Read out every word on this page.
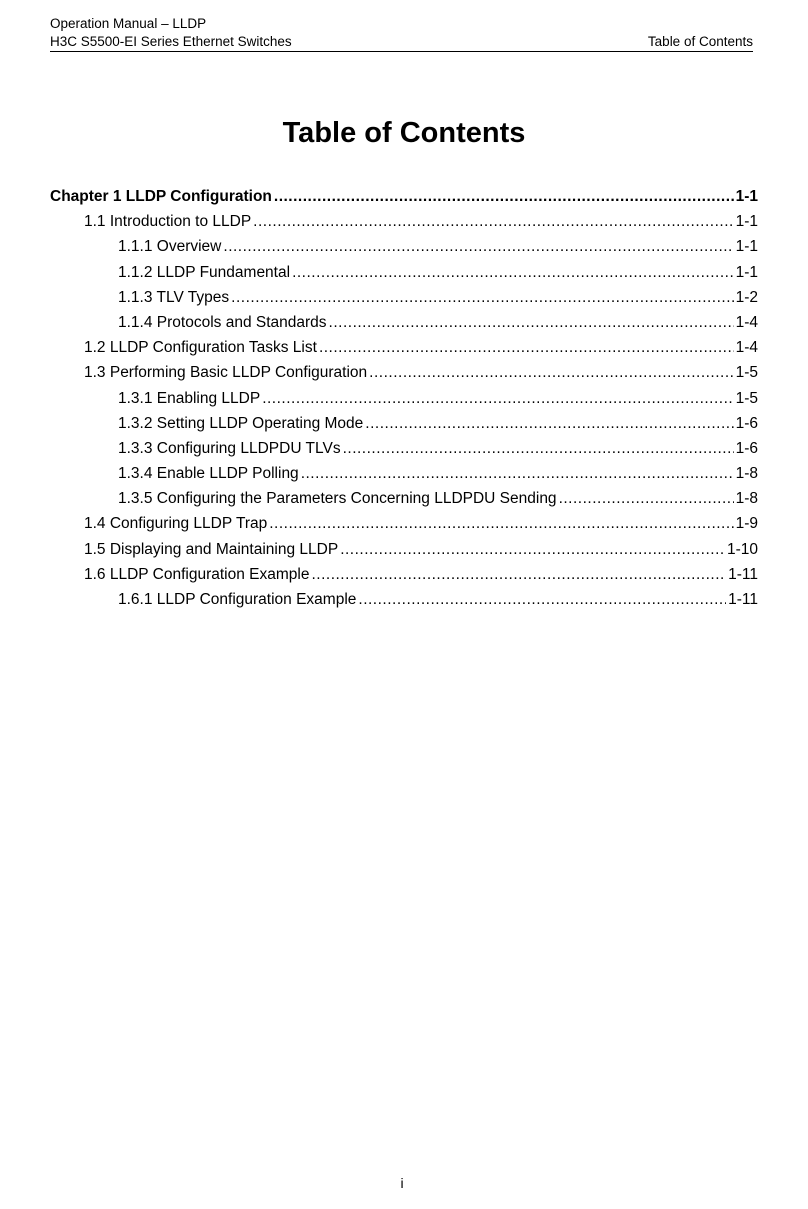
Operation Manual – LLDP
H3C S5500-EI Series Ethernet Switches	Table of Contents
Table of Contents
Chapter 1 LLDP Configuration .....	1-1
1.1 Introduction to LLDP .....	1-1
1.1.1 Overview .....	1-1
1.1.2 LLDP Fundamental .....	1-1
1.1.3 TLV Types .....	1-2
1.1.4 Protocols and Standards .....	1-4
1.2 LLDP Configuration Tasks List .....	1-4
1.3 Performing Basic LLDP Configuration .....	1-5
1.3.1 Enabling LLDP .....	1-5
1.3.2 Setting LLDP Operating Mode .....	1-6
1.3.3 Configuring LLDPDU TLVs .....	1-6
1.3.4 Enable LLDP Polling .....	1-8
1.3.5 Configuring the Parameters Concerning LLDPDU Sending .....	1-8
1.4 Configuring LLDP Trap .....	1-9
1.5 Displaying and Maintaining LLDP .....	1-10
1.6 LLDP Configuration Example .....	1-11
1.6.1 LLDP Configuration Example .....	1-11
i
